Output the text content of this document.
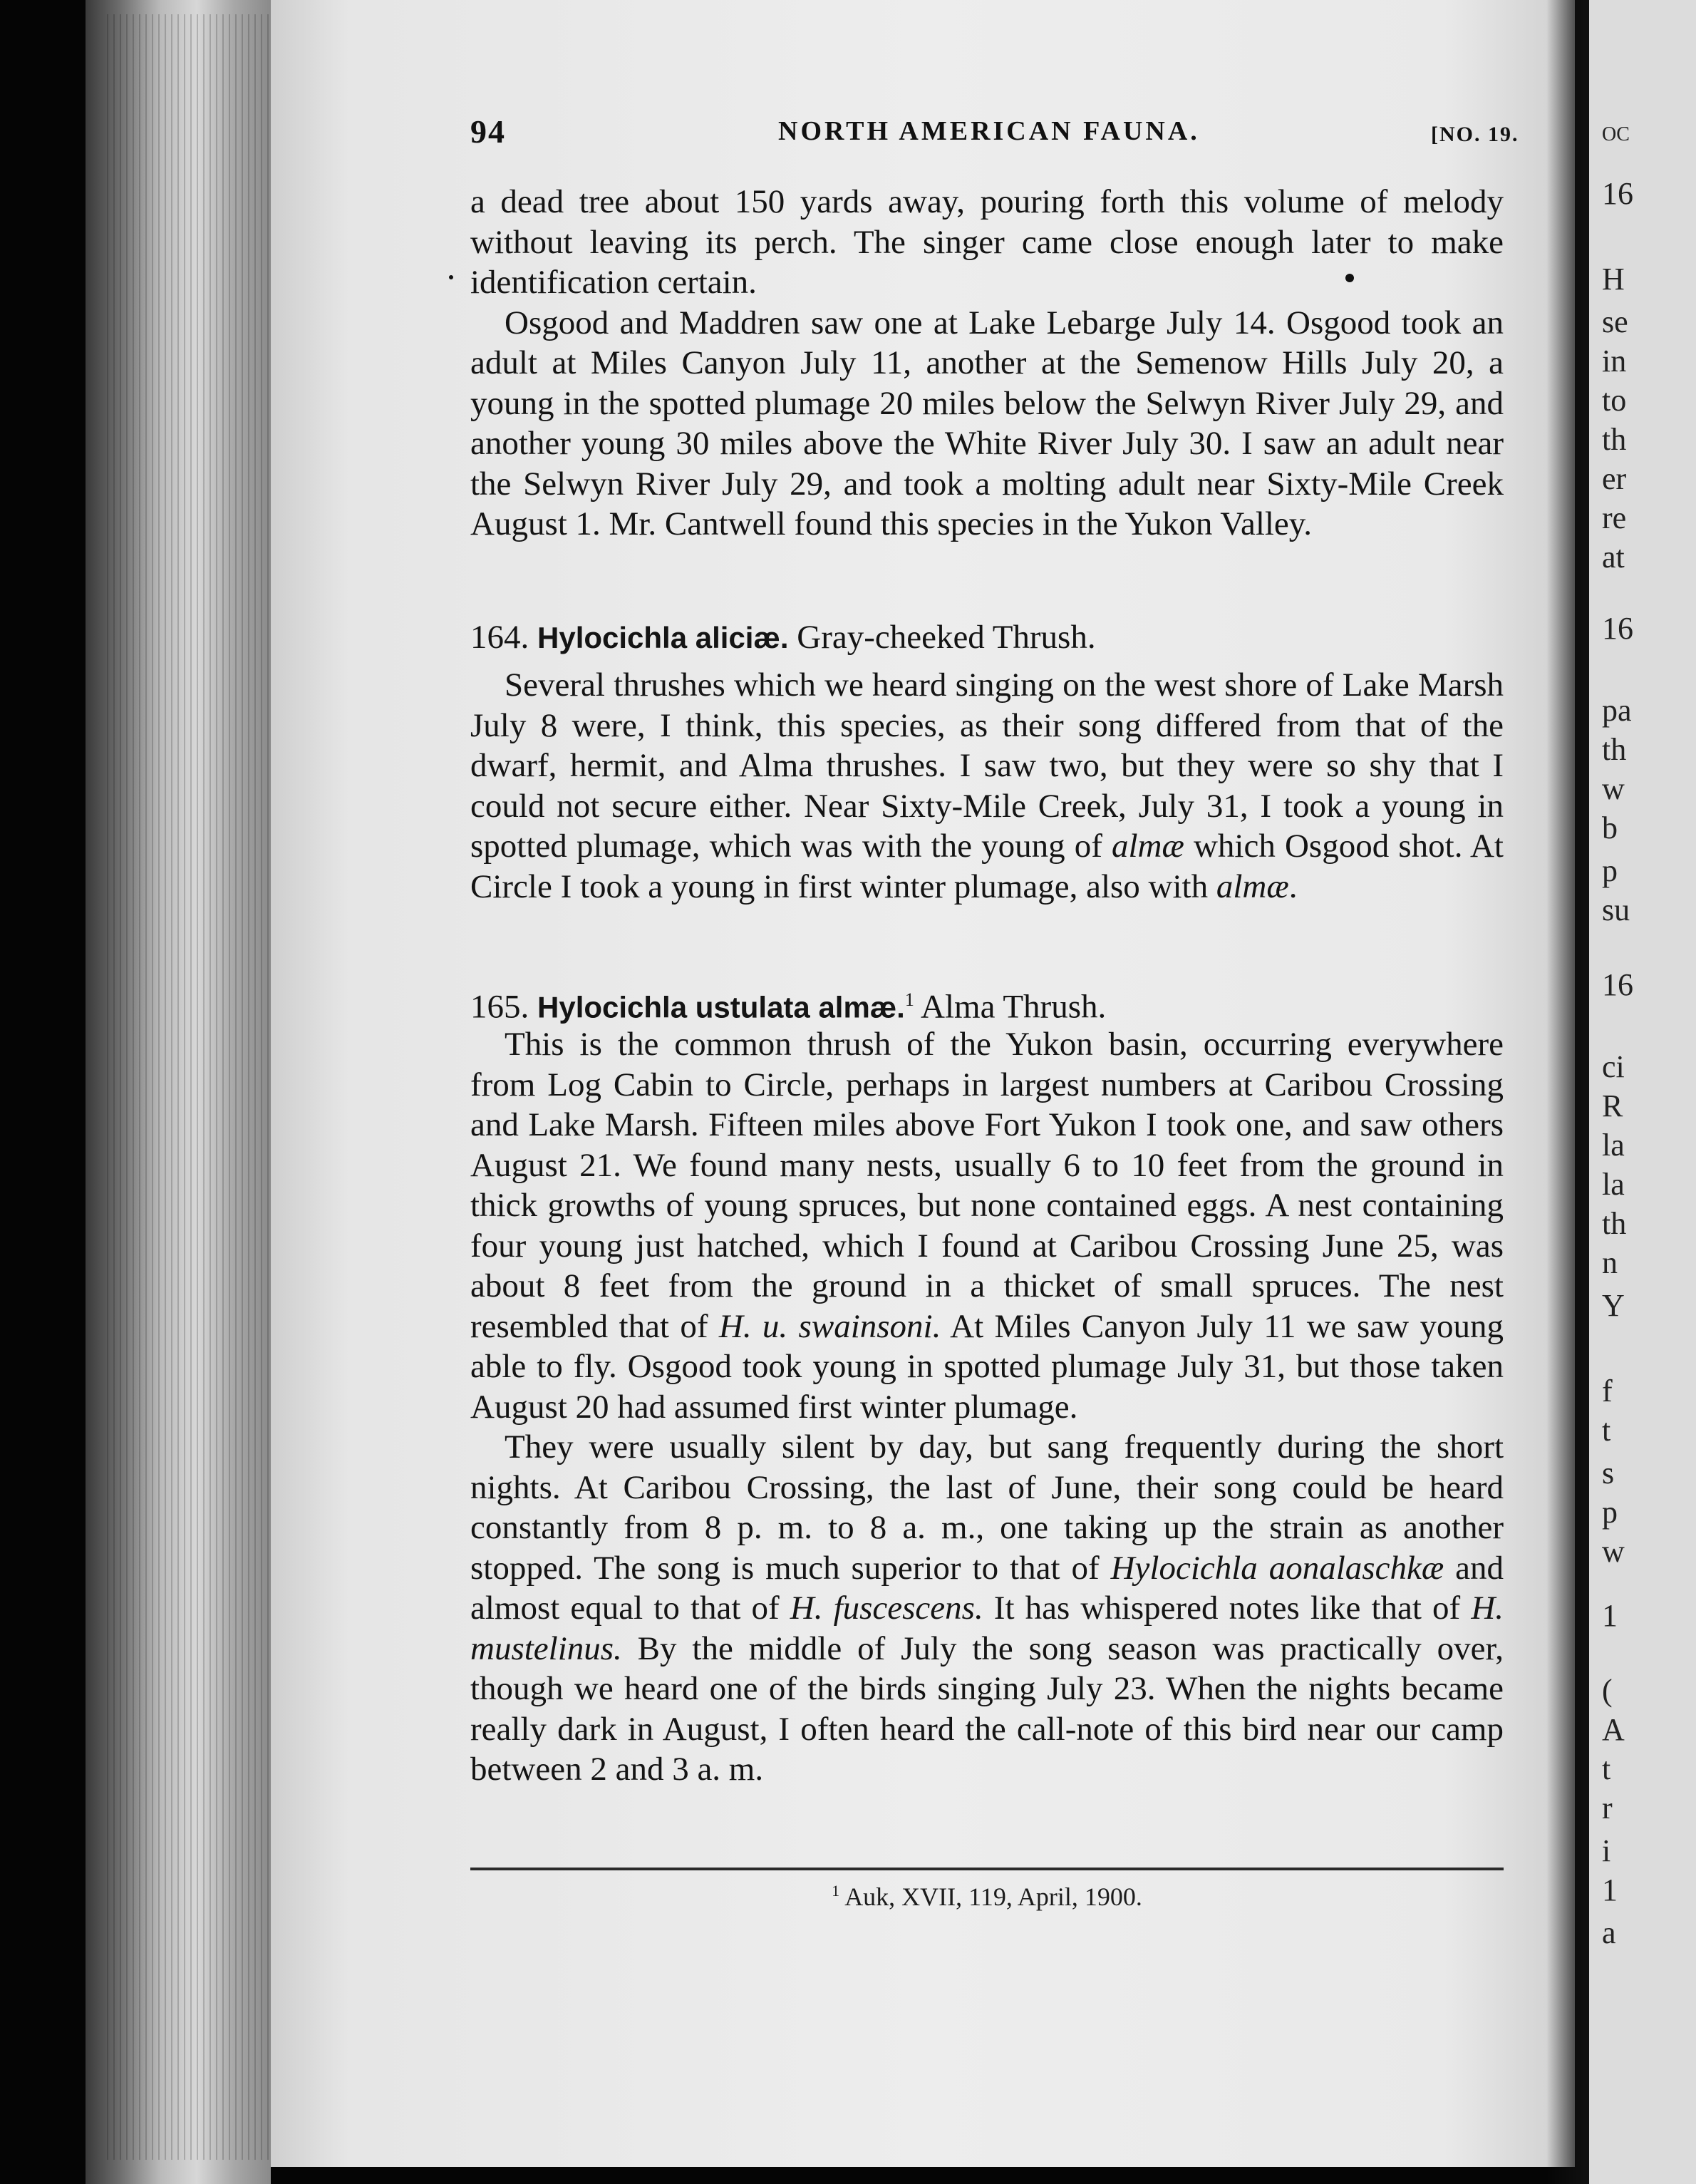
OC
16
H
se
in
to
th
er
re
at
16
pa
th
w
b
p
su
16
ci
R
la
la
th
n
Y
f
t
s
p
w
1
(
A
t
r
i
1
a
94	NORTH AMERICAN FAUNA.	[NO. 19.

a dead tree about 150 yards away, pouring forth this volume of melody without leaving its perch. The singer came close enough later to make identification certain.

Osgood and Maddren saw one at Lake Lebarge July 14. Osgood took an adult at Miles Canyon July 11, another at the Semenow Hills July 20, a young in the spotted plumage 20 miles below the Selwyn River July 29, and another young 30 miles above the White River July 30. I saw an adult near the Selwyn River July 29, and took a molting adult near Sixty-Mile Creek August 1. Mr. Cantwell found this species in the Yukon Valley.

164. Hylocichla aliciæ. Gray-cheeked Thrush.

Several thrushes which we heard singing on the west shore of Lake Marsh July 8 were, I think, this species, as their song differed from that of the dwarf, hermit, and Alma thrushes. I saw two, but they were so shy that I could not secure either. Near Sixty-Mile Creek, July 31, I took a young in spotted plumage, which was with the young of almæ which Osgood shot. At Circle I took a young in first winter plumage, also with almæ.

165. Hylocichla ustulata almæ.$^1$ Alma Thrush.

This is the common thrush of the Yukon basin, occurring everywhere from Log Cabin to Circle, perhaps in largest numbers at Caribou Crossing and Lake Marsh. Fifteen miles above Fort Yukon I took one, and saw others August 21. We found many nests, usually 6 to 10 feet from the ground in thick growths of young spruces, but none contained eggs. A nest containing four young just hatched, which I found at Caribou Crossing June 25, was about 8 feet from the ground in a thicket of small spruces. The nest resembled that of H. u. swainsoni. At Miles Canyon July 11 we saw young able to fly. Osgood took young in spotted plumage July 31, but those taken August 20 had assumed first winter plumage.

They were usually silent by day, but sang frequently during the short nights. At Caribou Crossing, the last of June, their song could be heard constantly from 8 p. m. to 8 a. m., one taking up the strain as another stopped. The song is much superior to that of Hylocichla aonalaschkæ and almost equal to that of H. fuscescens. It has whispered notes like that of H. mustelinus. By the middle of July the song season was practically over, though we heard one of the birds singing July 23. When the nights became really dark in August, I often heard the call-note of this bird near our camp between 2 and 3 a. m.

$^1$ Auk, XVII, 119, April, 1900.
